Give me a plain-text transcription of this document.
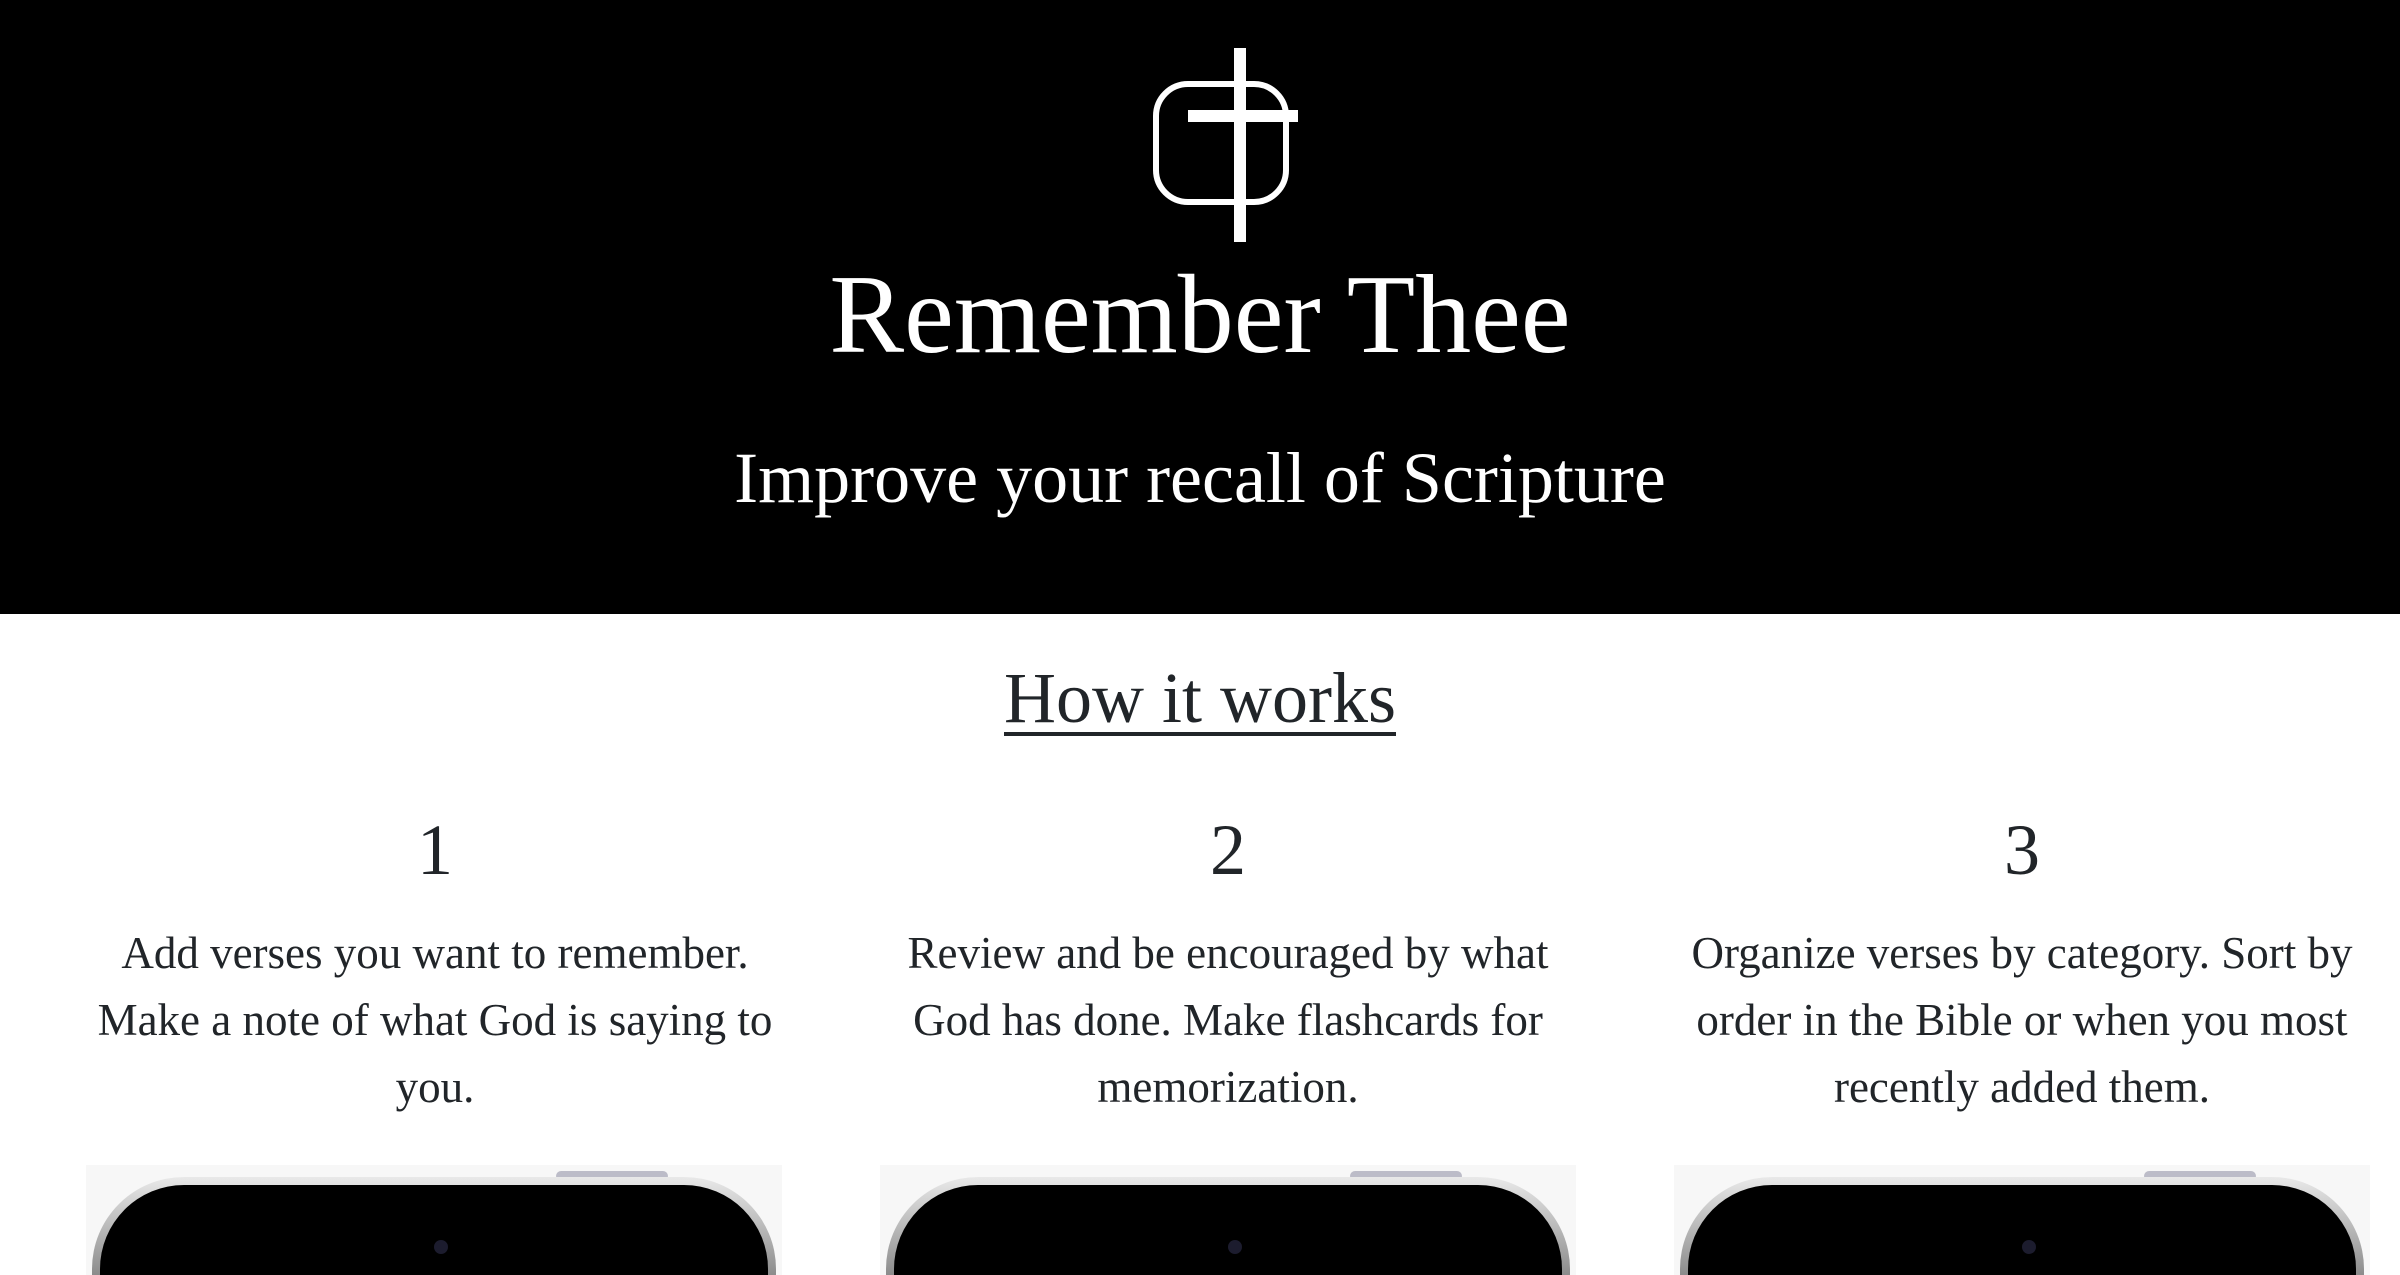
Remember Thee
Improve your recall of Scripture
How it works
1

Add verses you want to remember. Make a note of what God is saying to you.

2

Review and be encouraged by what God has done. Make flashcards for memorization.

3

Organize verses by category. Sort by order in the Bible or when you most recently added them.
